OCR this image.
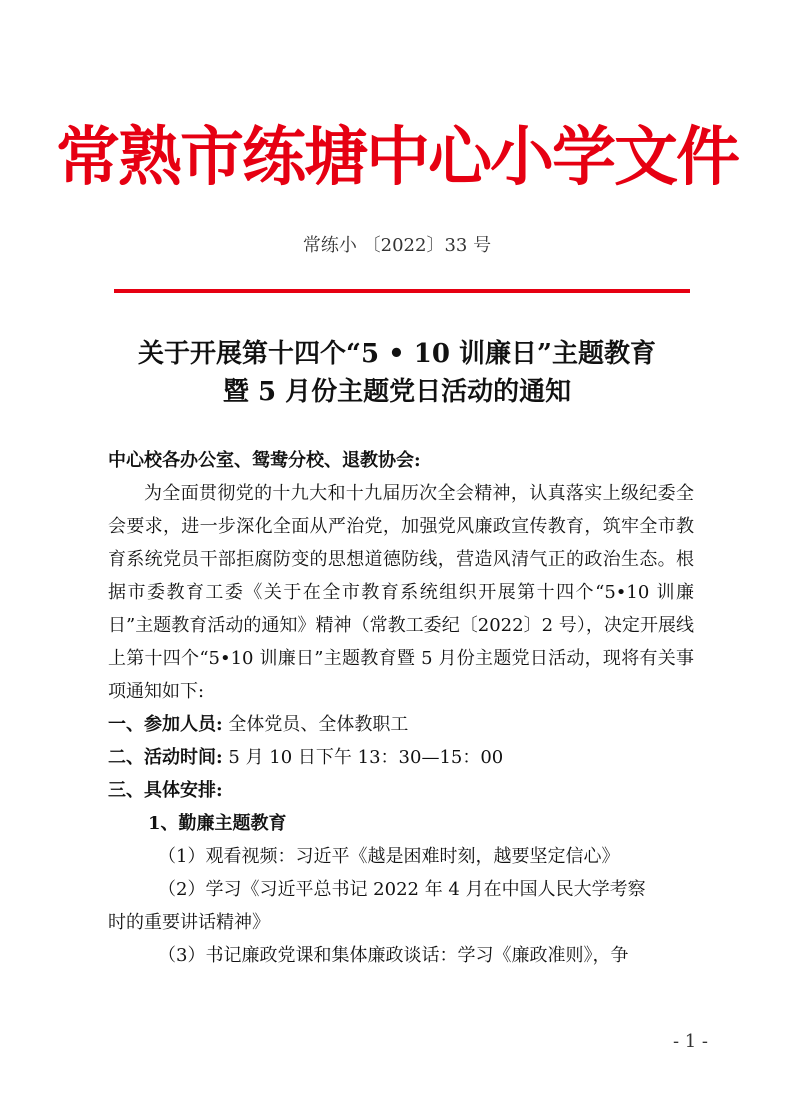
常熟市练塘中心小学文件
常练小 〔2022〕33 号
关于开展第十四个“5 • 10 训廉日”主题教育
暨 5 月份主题党日活动的通知

中心校各办公室、鸳鸯分校、退教协会:

为全面贯彻党的十九大和十九届历次全会精神，认真落实上级纪委全会要求，进一步深化全面从严治党，加强党风廉政宣传教育，筑牢全市教育系统党员干部拒腐防变的思想道德防线，营造风清气正的政治生态。根据市委教育工委《关于在全市教育系统组织开展第十四个“5•10 训廉日”主题教育活动的通知》精神（常教工委纪〔2022〕2 号），决定开展线上第十四个“5•10 训廉日”主题教育暨 5 月份主题党日活动，现将有关事项通知如下:

一、参加人员: 全体党员、全体教职工

二、活动时间: 5 月 10 日下午 13：30—15：00

三、具体安排:

1、勤廉主题教育

（1）观看视频：习近平《越是困难时刻，越要坚定信心》

（2）学习《习近平总书记 2022 年 4 月在中国人民大学考察

时的重要讲话精神》

（3）书记廉政党课和集体廉政谈话：学习《廉政准则》，争

- 1 -
